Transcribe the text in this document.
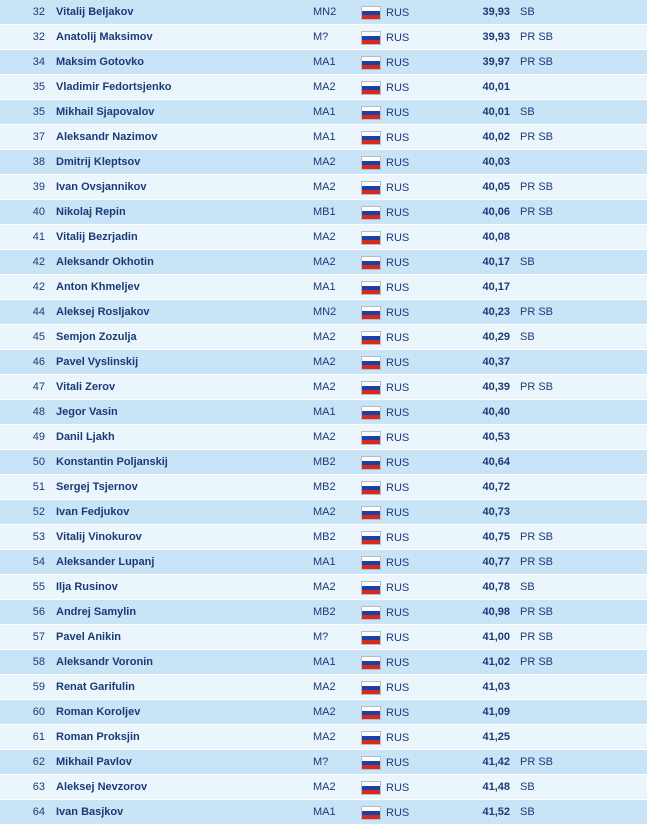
32 Vitalij Beljakov	MN2	RUS	39,93 SB
32 Anatolij Maksimov	M?	RUS	39,93 PR SB
34 Maksim Gotovko	MA1	RUS	39,97 PR SB
35 Vladimir Fedortsjenko	MA2	RUS	40,01
35 Mikhail Sjapovalov	MA1	RUS	40,01 SB
37 Aleksandr Nazimov	MA1	RUS	40,02 PR SB
38 Dmitrij Kleptsov	MA2	RUS	40,03
39 Ivan Ovsjannikov	MA2	RUS	40,05 PR SB
40 Nikolaj Repin	MB1	RUS	40,06 PR SB
41 Vitalij Bezrjadin	MA2	RUS	40,08
42 Aleksandr Okhotin	MA2	RUS	40,17 SB
42 Anton Khmeljev	MA1	RUS	40,17
44 Aleksej Rosljakov	MN2	RUS	40,23 PR SB
45 Semjon Zozulja	MA2	RUS	40,29 SB
46 Pavel Vyslinskij	MA2	RUS	40,37
47 Vitali Zerov	MA2	RUS	40,39 PR SB
48 Jegor Vasin	MA1	RUS	40,40
49 Danil Ljakh	MA2	RUS	40,53
50 Konstantin Poljanskij	MB2	RUS	40,64
51 Sergej Tsjernov	MB2	RUS	40,72
52 Ivan Fedjukov	MA2	RUS	40,73
53 Vitalij Vinokurov	MB2	RUS	40,75 PR SB
54 Aleksander Lupanj	MA1	RUS	40,77 PR SB
55 Ilja Rusinov	MA2	RUS	40,78 SB
56 Andrej Samylin	MB2	RUS	40,98 PR SB
57 Pavel Anikin	M?	RUS	41,00 PR SB
58 Aleksandr Voronin	MA1	RUS	41,02 PR SB
59 Renat Garifulin	MA2	RUS	41,03
60 Roman Koroljev	MA2	RUS	41,09
61 Roman Proksjin	MA2	RUS	41,25
62 Mikhail Pavlov	M?	RUS	41,42 PR SB
63 Aleksej Nevzorov	MA2	RUS	41,48 SB
64 Ivan Basjkov	MA1	RUS	41,52 SB
